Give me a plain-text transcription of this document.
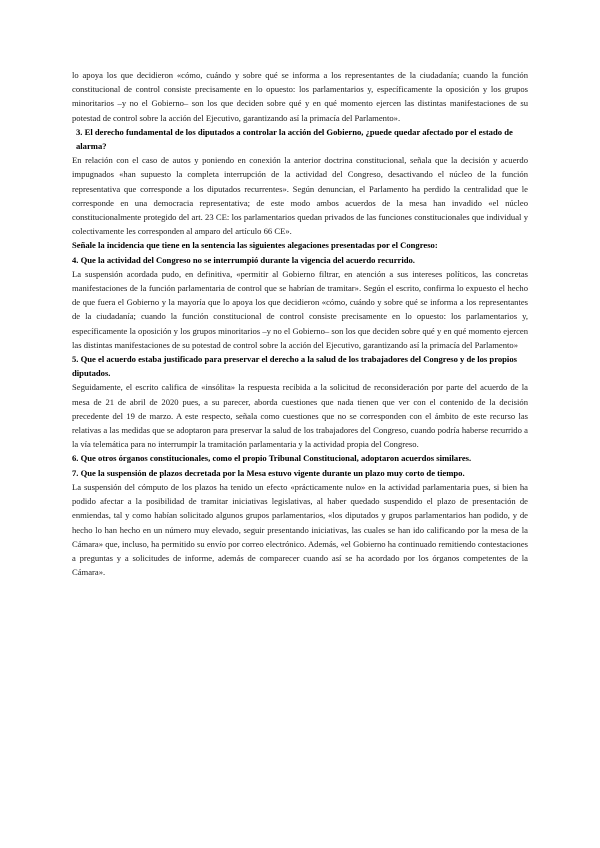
lo apoya los que decidieron «cómo, cuándo y sobre qué se informa a los representantes de la ciudadanía; cuando la función constitucional de control consiste precisamente en lo opuesto: los parlamentarios y, específicamente la oposición y los grupos minoritarios –y no el Gobierno– son los que deciden sobre qué y en qué momento ejercen las distintas manifestaciones de su potestad de control sobre la acción del Ejecutivo, garantizando así la primacía del Parlamento».

3. El derecho fundamental de los diputados a controlar la acción del Gobierno, ¿puede quedar afectado por el estado de alarma?

En relación con el caso de autos y poniendo en conexión la anterior doctrina constitucional, señala que la decisión y acuerdo impugnados «han supuesto la completa interrupción de la actividad del Congreso, desactivando el núcleo de la función representativa que corresponde a los diputados recurrentes». Según denuncian, el Parlamento ha perdido la centralidad que le corresponde en una democracia representativa; de este modo ambos acuerdos de la mesa han invadido «el núcleo constitucionalmente protegido del art. 23 CE: los parlamentarios quedan privados de las funciones constitucionales que individual y colectivamente les corresponden al amparo del artículo 66 CE».

Señale la incidencia que tiene en la sentencia las siguientes alegaciones presentadas por el Congreso:
4. Que la actividad del Congreso no se interrumpió durante la vigencia del acuerdo recurrido.

La suspensión acordada pudo, en definitiva, «permitir al Gobierno filtrar, en atención a sus intereses políticos, las concretas manifestaciones de la función parlamentaria de control que se habrían de tramitar». Según el escrito, confirma lo expuesto el hecho de que fuera el Gobierno y la mayoría que lo apoya los que decidieron «cómo, cuándo y sobre qué se informa a los representantes de la ciudadanía; cuando la función constitucional de control consiste precisamente en lo opuesto: los parlamentarios y, específicamente la oposición y los grupos minoritarios –y no el Gobierno– son los que deciden sobre qué y en qué momento ejercen las distintas manifestaciones de su potestad de control sobre la acción del Ejecutivo, garantizando así la primacía del Parlamento»

5. Que el acuerdo estaba justificado para preservar el derecho a la salud de los trabajadores del Congreso y de los propios diputados.

Seguidamente, el escrito califica de «insólita» la respuesta recibida a la solicitud de reconsideración por parte del acuerdo de la mesa de 21 de abril de 2020 pues, a su parecer, aborda cuestiones que nada tienen que ver con el contenido de la decisión precedente del 19 de marzo. A este respecto, señala como cuestiones que no se corresponden con el ámbito de este recurso las relativas a las medidas que se adoptaron para preservar la salud de los trabajadores del Congreso, cuando podría haberse recurrido a la vía telemática para no interrumpir la tramitación parlamentaria y la actividad propia del Congreso.

6. Que otros órganos constitucionales, como el propio Tribunal Constitucional, adoptaron acuerdos similares.
7. Que la suspensión de plazos decretada por la Mesa estuvo vigente durante un plazo muy corto de tiempo.

La suspensión del cómputo de los plazos ha tenido un efecto «prácticamente nulo» en la actividad parlamentaria pues, si bien ha podido afectar a la posibilidad de tramitar iniciativas legislativas, al haber quedado suspendido el plazo de presentación de enmiendas, tal y como habían solicitado algunos grupos parlamentarios, «los diputados y grupos parlamentarios han podido, y de hecho lo han hecho en un número muy elevado, seguir presentando iniciativas, las cuales se han ido calificando por la mesa de la Cámara» que, incluso, ha permitido su envío por correo electrónico. Además, «el Gobierno ha continuado remitiendo contestaciones a preguntas y a solicitudes de informe, además de comparecer cuando así se ha acordado por los órganos competentes de la Cámara».
